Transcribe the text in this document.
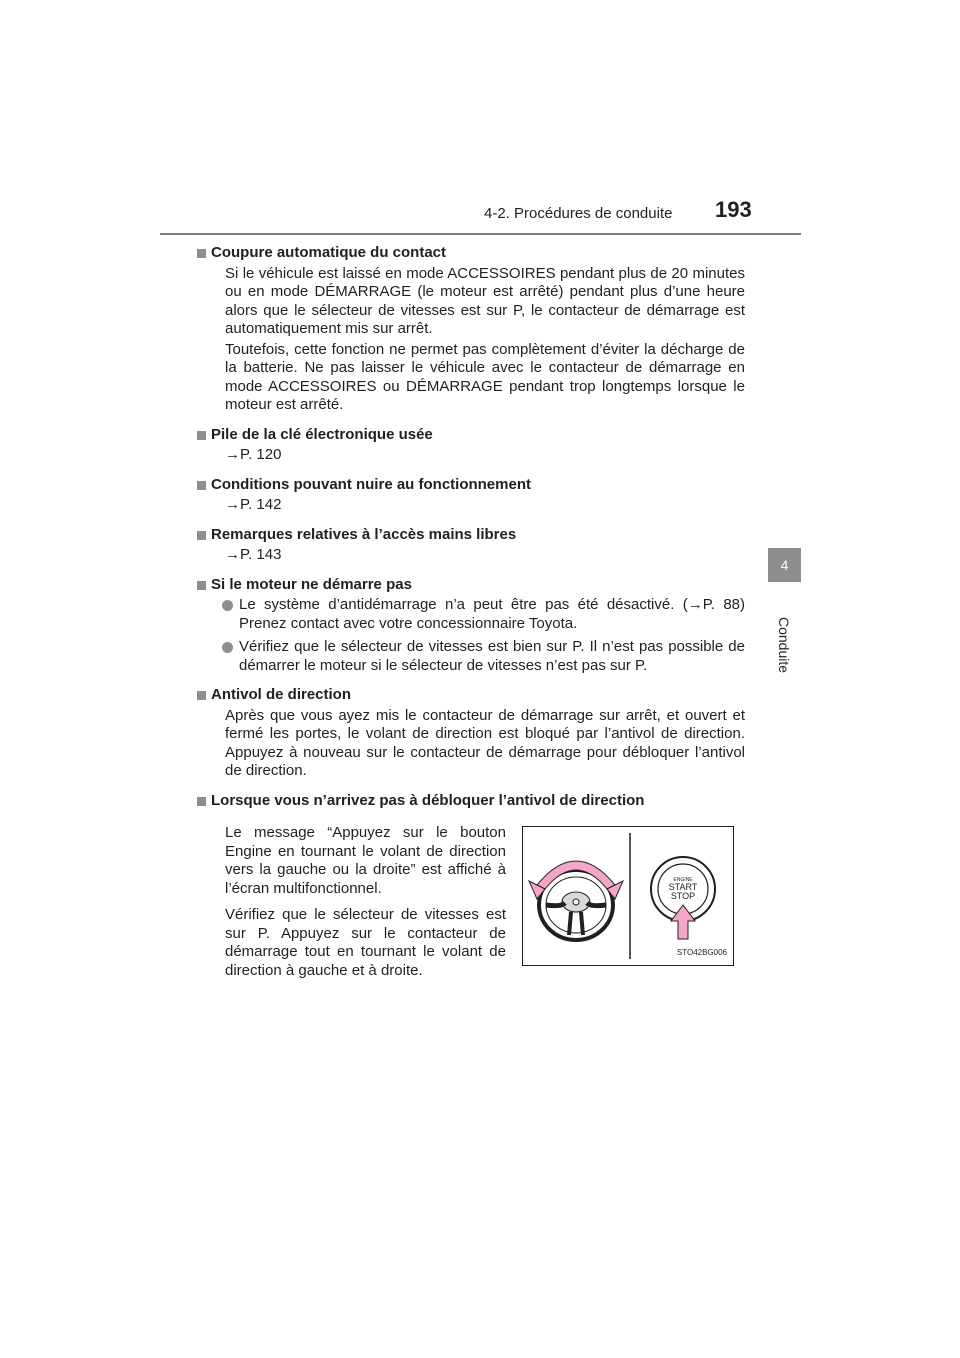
4-2. Procédures de conduite 193
4
Conduite
Coupure automatique du contact
Si le véhicule est laissé en mode ACCESSOIRES pendant plus de 20 minutes ou en mode DÉMARRAGE (le moteur est arrêté) pendant plus d’une heure alors que le sélecteur de vitesses est sur P, le contacteur de démarrage est automatiquement mis sur arrêt.
Toutefois, cette fonction ne permet pas complètement d’éviter la décharge de la batterie. Ne pas laisser le véhicule avec le contacteur de démarrage en mode ACCESSOIRES ou DÉMARRAGE pendant trop longtemps lorsque le moteur est arrêté.
Pile de la clé électronique usée
→P. 120
Conditions pouvant nuire au fonctionnement
→P. 142
Remarques relatives à l’accès mains libres
→P. 143
Si le moteur ne démarre pas
Le système d’antidémarrage n’a peut être pas été désactivé. (→P. 88) Prenez contact avec votre concessionnaire Toyota.
Vérifiez que le sélecteur de vitesses est bien sur P. Il n’est pas possible de démarrer le moteur si le sélecteur de vitesses n’est pas sur P.
Antivol de direction
Après que vous ayez mis le contacteur de démarrage sur arrêt, et ouvert et fermé les portes, le volant de direction est bloqué par l’antivol de direction. Appuyez à nouveau sur le contacteur de démarrage pour débloquer l’antivol de direction.
Lorsque vous n’arrivez pas à débloquer l’antivol de direction
Le message “Appuyez sur le bouton Engine en tournant le volant de direction vers la gauche ou la droite” est affiché à l’écran multifonctionnel.
Vérifiez que le sélecteur de vitesses est sur P. Appuyez sur le contacteur de démarrage tout en tournant le volant de direction à gauche et à droite.
ENGINE
START
STOP
STO42BG006
